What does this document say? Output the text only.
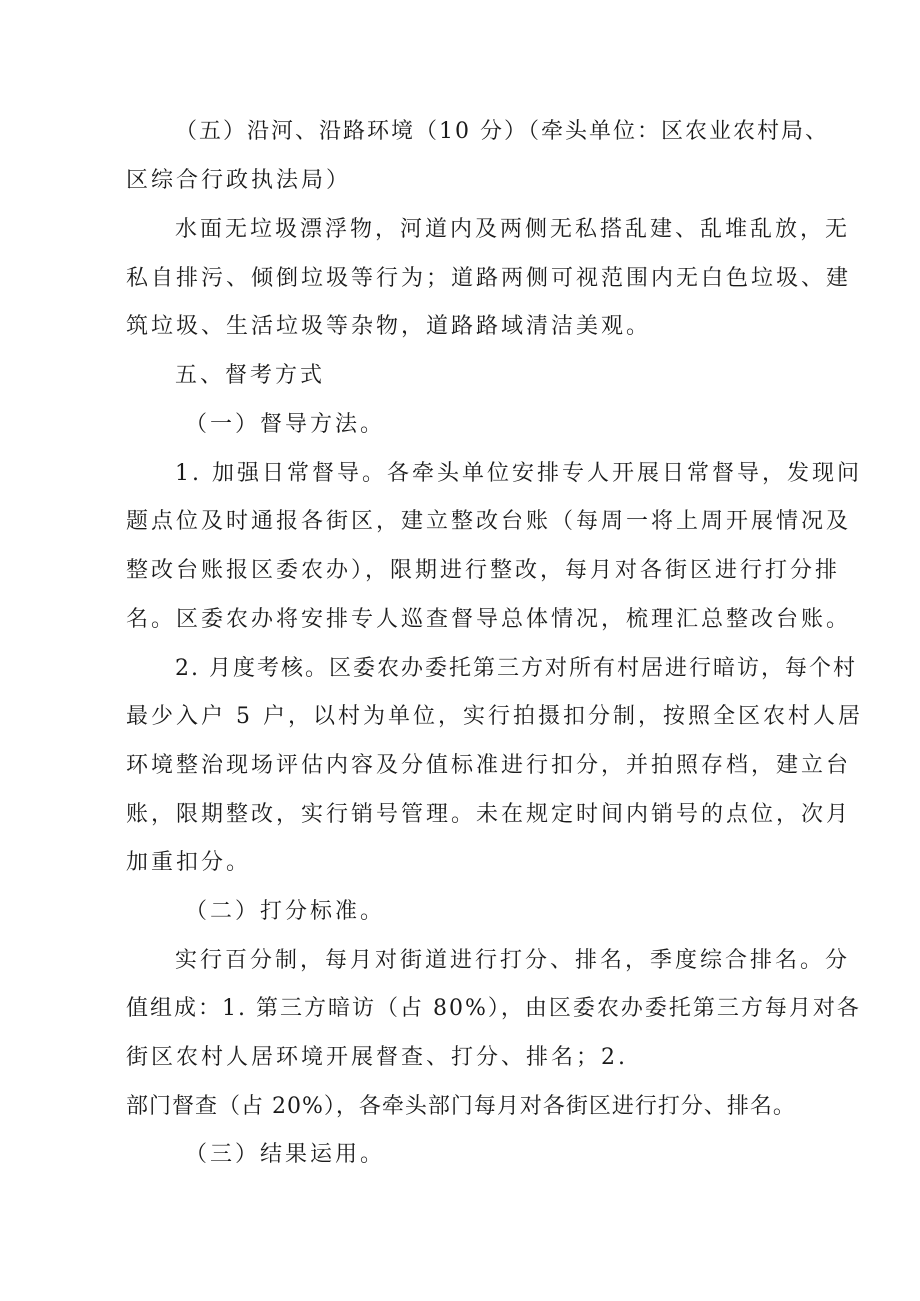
（五）沿河、沿路环境（10 分）（牵头单位：区农业农村局、
区综合行政执法局）
水面无垃圾漂浮物，河道内及两侧无私搭乱建、乱堆乱放，无
私自排污、倾倒垃圾等行为；道路两侧可视范围内无白色垃圾、建
筑垃圾、生活垃圾等杂物，道路路域清洁美观。
五、督考方式
（一）督导方法。
1. 加强日常督导。各牵头单位安排专人开展日常督导，发现问
题点位及时通报各街区，建立整改台账（每周一将上周开展情况及
整改台账报区委农办），限期进行整改，每月对各街区进行打分排
名。区委农办将安排专人巡查督导总体情况，梳理汇总整改台账。
2. 月度考核。区委农办委托第三方对所有村居进行暗访，每个村
最少入户 5 户，以村为单位，实行拍摄扣分制，按照全区农村人居
环境整治现场评估内容及分值标准进行扣分，并拍照存档，建立台
账，限期整改，实行销号管理。未在规定时间内销号的点位，次月
加重扣分。
（二）打分标准。
实行百分制，每月对街道进行打分、排名，季度综合排名。分
值组成：1. 第三方暗访（占 80%），由区委农办委托第三方每月对各
街区农村人居环境开展督查、打分、排名；2.
部门督查（占 20%），各牵头部门每月对各街区进行打分、排名。
（三）结果运用。
